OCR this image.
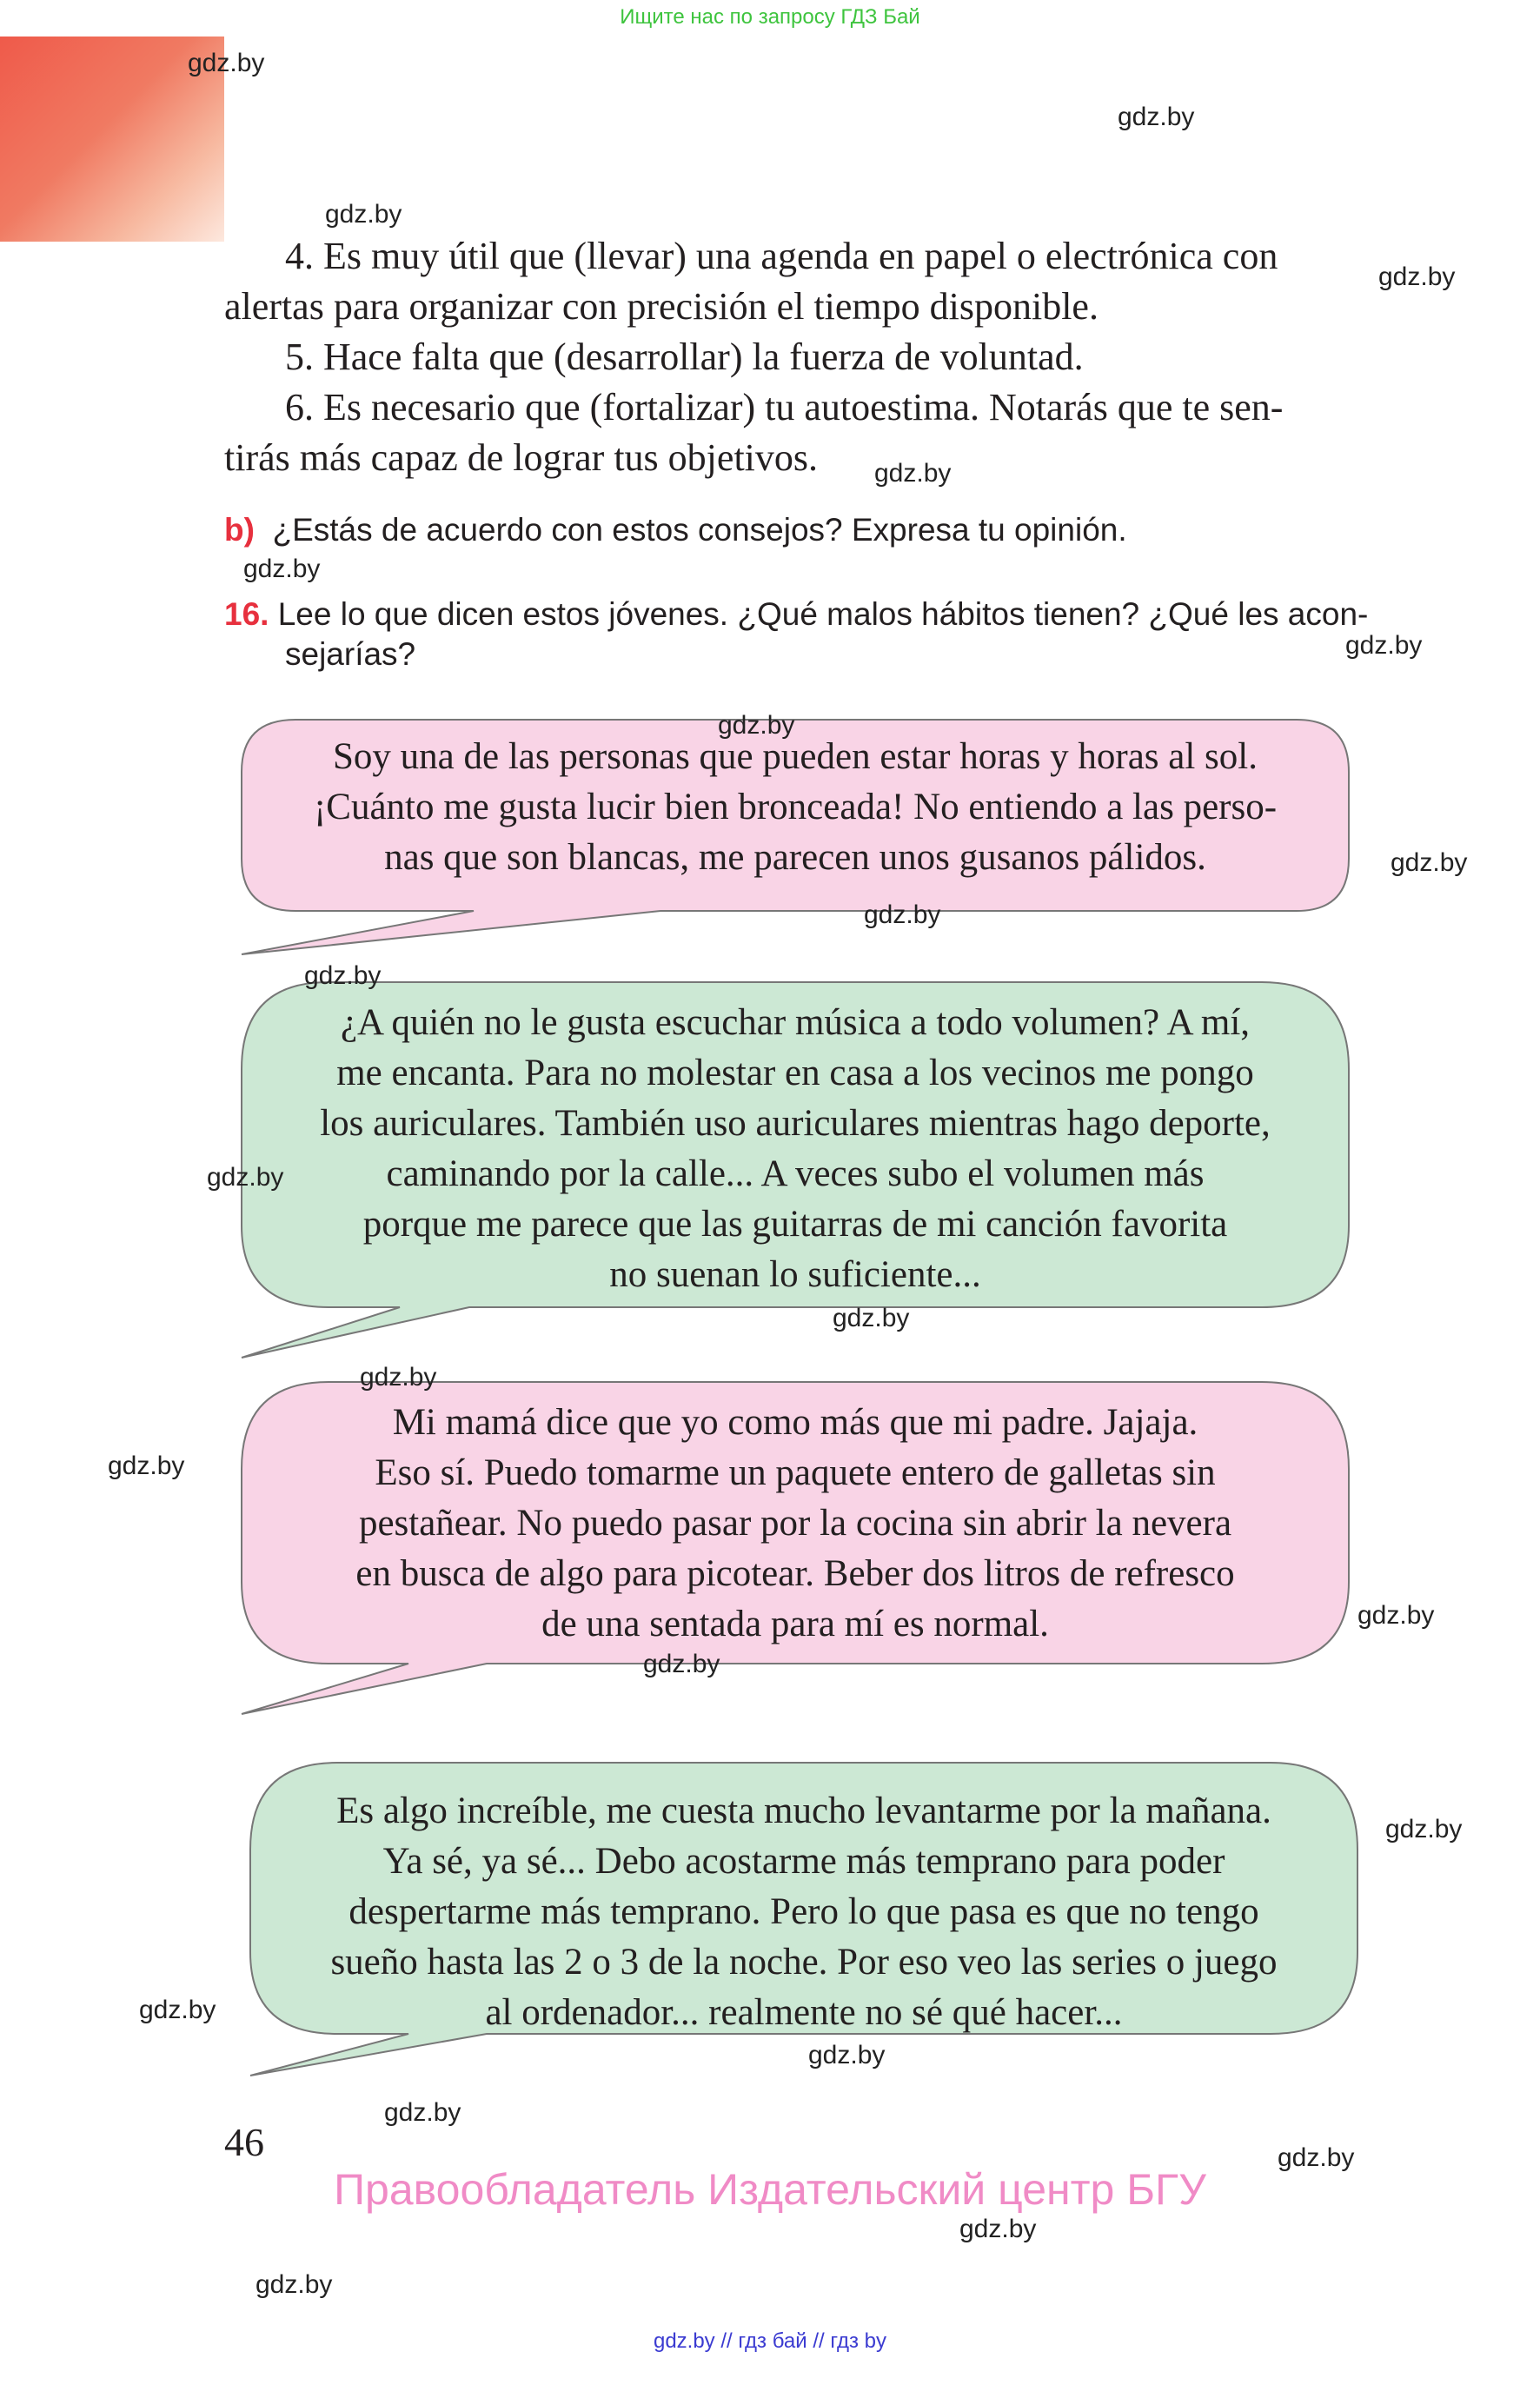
Ищите нас по запросу ГДЗ Бай
4. Es muy útil que (llevar) una agenda en papel o electrónica con
alertas para organizar con precisión el tiempo disponible.
5. Hace falta que (desarrollar) la fuerza de voluntad.
6. Es necesario que (fortalizar) tu autoestima. Notarás que te sen-
tirás más capaz de lograr tus objetivos.
b) ¿Estás de acuerdo con estos consejos? Expresa tu opinión.
16. Lee lo que dicen estos jóvenes. ¿Qué malos hábitos tienen? ¿Qué les acon-
sejarías?
Soy una de las personas que pueden estar horas y horas al sol.
¡Cuánto me gusta lucir bien bronceada! No entiendo a las perso-
nas que son blancas, me parecen unos gusanos pálidos.
¿A quién no le gusta escuchar música a todo volumen? A mí,
me encanta. Para no molestar en casa a los vecinos me pongo
los auriculares. También uso auriculares mientras hago deporte,
caminando por la calle... A veces subo el volumen más
porque me parece que las guitarras de mi canción favorita
no suenan lo suficiente...
Mi mamá dice que yo como más que mi padre. Jajaja.
Eso sí. Puedo tomarme un paquete entero de galletas sin
pestañear. No puedo pasar por la cocina sin abrir la nevera
en busca de algo para picotear. Beber dos litros de refresco
de una sentada para mí es normal.
Es algo increíble, me cuesta mucho levantarme por la mañana.
Ya sé, ya sé... Debo acostarme más temprano para poder
despertarme más temprano. Pero lo que pasa es que no tengo
sueño hasta las 2 o 3 de la noche. Por eso veo las series o juego
al ordenador... realmente no sé qué hacer...
gdz.by
gdz.by
gdz.by
gdz.by
gdz.by
gdz.by
gdz.by
gdz.by
gdz.by
gdz.by
gdz.by
gdz.by
gdz.by
gdz.by
gdz.by
gdz.by
gdz.by
gdz.by
gdz.by
gdz.by
gdz.by
gdz.by
gdz.by
gdz.by
46
Правообладатель Издательский центр БГУ
gdz.by // гдз бай // гдз by
